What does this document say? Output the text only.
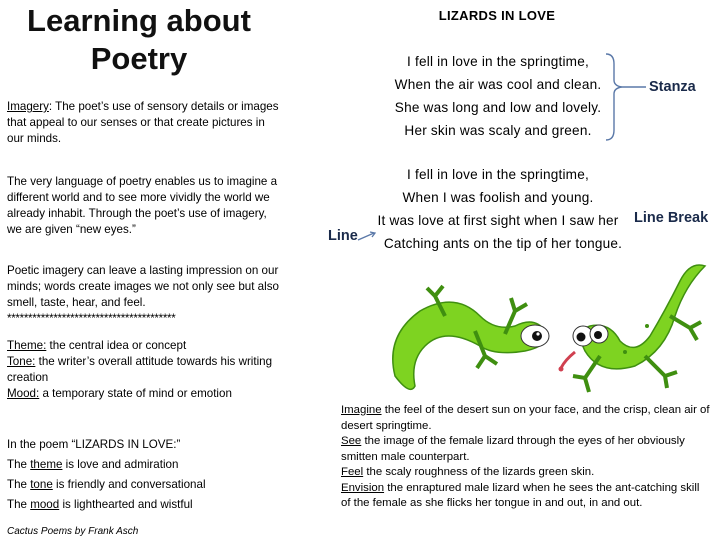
Learning about
Poetry
Imagery: The poet’s use of sensory details or images that appeal to our senses or that create pictures in our minds.
The very language of poetry enables us to imagine a different world and to see more vividly the world we already inhabit. Through the poet’s use of imagery, we are given “new eyes.”
Poetic imagery can leave a lasting impression on our minds; words create images we not only see but also smell, taste, hear, and feel.
****************************************
Theme: the central idea or concept
Tone: the writer’s overall attitude towards his writing creation
Mood: a temporary state of mind or emotion
In the poem “LIZARDS IN LOVE:”
The theme is love and admiration
The tone is friendly and conversational
The mood is lighthearted and wistful
Cactus Poems by Frank Asch
LIZARDS IN LOVE
I fell in love in the springtime,
When the air was cool and clean.
She was long and low and lovely.
Her skin was scaly and green.
I fell in love in the springtime,
When I was foolish and young.
It was love at first sight when I saw her
Catching ants on the tip of her tongue.
Stanza
Line Break
Line
Imagine the feel of the desert sun on your face, and the crisp, clean air of desert springtime.
See the image of the female lizard through the eyes of her obviously smitten male counterpart.
Feel the scaly roughness of the lizards green skin.
Envision the enraptured male lizard when he sees the ant-catching skill of the female as she flicks her tongue in and out, in and out.
